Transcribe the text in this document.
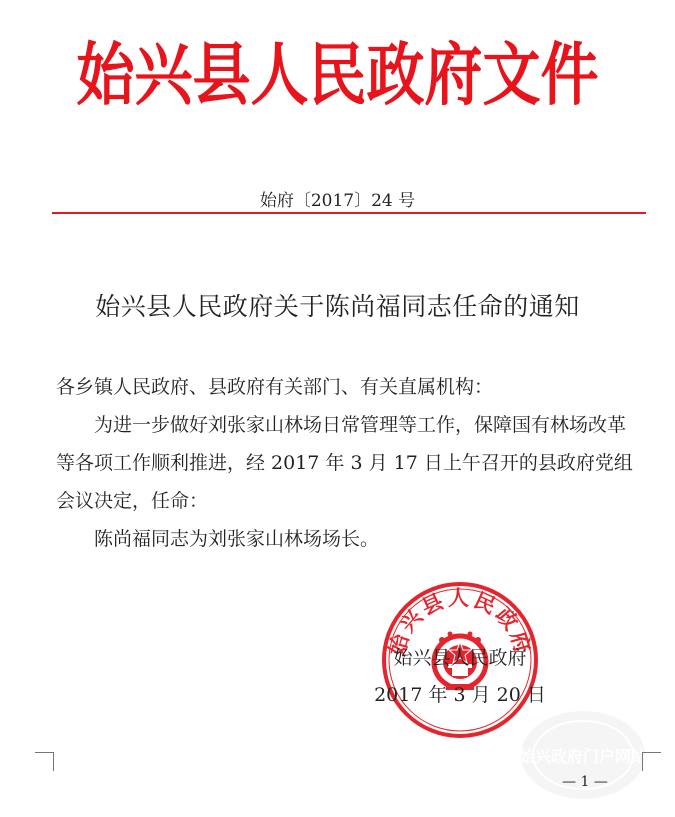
始兴县人民政府文件
始府〔2017〕24 号
始兴县人民政府关于陈尚福同志任命的通知

各乡镇人民政府、县政府有关部门、有关直属机构：

为进一步做好刘张家山林场日常管理等工作，保障国有林场改革等各项工作顺利推进，经 2017 年 3 月 17 日上午召开的县政府党组会议决定，任命：

陈尚福同志为刘张家山林场场长。

始兴县人民政府
始兴县人民政府
2017 年 3 月 20 日
始兴政府门户网站
— 1 —
